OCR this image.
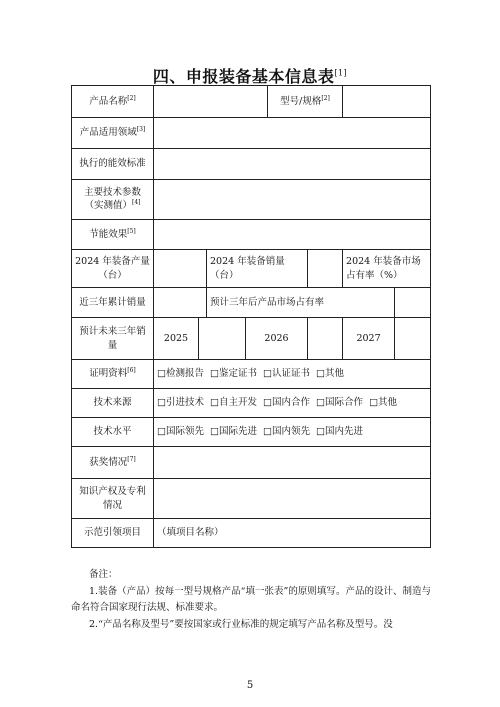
四、申报装备基本信息表[1]
产品名称[2]					型号/规格[2]	
产品适用领域[3]	
执行的能效标准								
主要技术参数（实测值）[4]	
节能效果[5]	
2024 年装备产量（台）			2024 年装备销量（台）				2024 年装备市场占有率（%）	
近三年累计销量			预计三年后产品市场占有率					
预计未来三年销量	2025			2026			2027	
证明资料[6]	□检测报告 □鉴定证书 □认证证书 □其他							
技术来源	□引进技术 □自主开发 □国内合作 □国际合作 □其他							
技术水平	□国际领先 □国际先进 □国内领先 □国内先进							
获奖情况[7]	
知识产权及专利情况								
示范引领项目	（填项目名称）							

备注：

1.装备（产品）按每一型号规格产品“填一张表”的原则填写。产品的设计、制造与命名符合国家现行法规、标准要求。

2.“产品名称及型号”要按国家或行业标准的规定填写产品名称及型号。没

5
